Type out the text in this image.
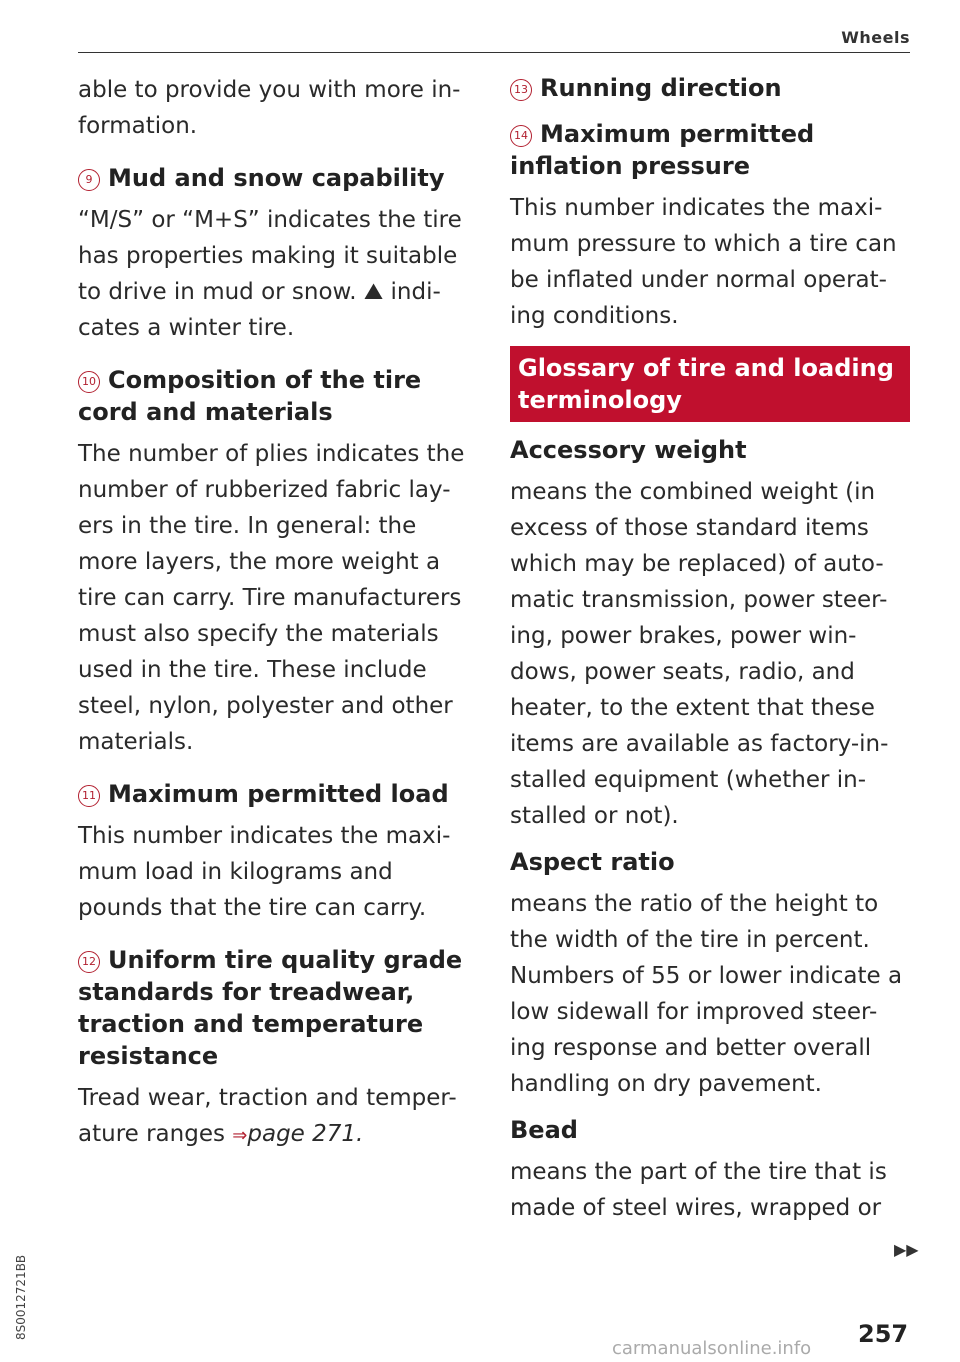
Wheels

able to provide you with more in- formation.

9 Mud and snow capability

“M/S” or “M+S” indicates the tire has properties making it suitable to drive in mud or snow. ⛰ indi- cates a winter tire.

10 Composition of the tire cord and materials

The number of plies indicates the number of rubberized fabric lay- ers in the tire. In general: the more layers, the more weight a tire can carry. Tire manufacturers must also specify the materials used in the tire. These include steel, nylon, polyester and other materials.

11 Maximum permitted load

This number indicates the maxi- mum load in kilograms and pounds that the tire can carry.

12 Uniform tire quality grade standards for treadwear, traction and temperature resistance

Tread wear, traction and temper- ature ranges ⇒page 271.

13 Running direction
14 Maximum permitted inflation pressure

This number indicates the maxi- mum pressure to which a tire can be inflated under normal operat- ing conditions.

Glossary of tire and loading terminology
Accessory weight

means the combined weight (in excess of those standard items which may be replaced) of auto- matic transmission, power steer- ing, power brakes, power win- dows, power seats, radio, and heater, to the extent that these items are available as factory-in- stalled equipment (whether in- stalled or not).

Aspect ratio

means the ratio of the height to the width of the tire in percent. Numbers of 55 or lower indicate a low sidewall for improved steer- ing response and better overall handling on dry pavement.

Bead

means the part of the tire that is made of steel wires, wrapped or

▶▶
257
8S0012721BB
carmanualsonline.info
